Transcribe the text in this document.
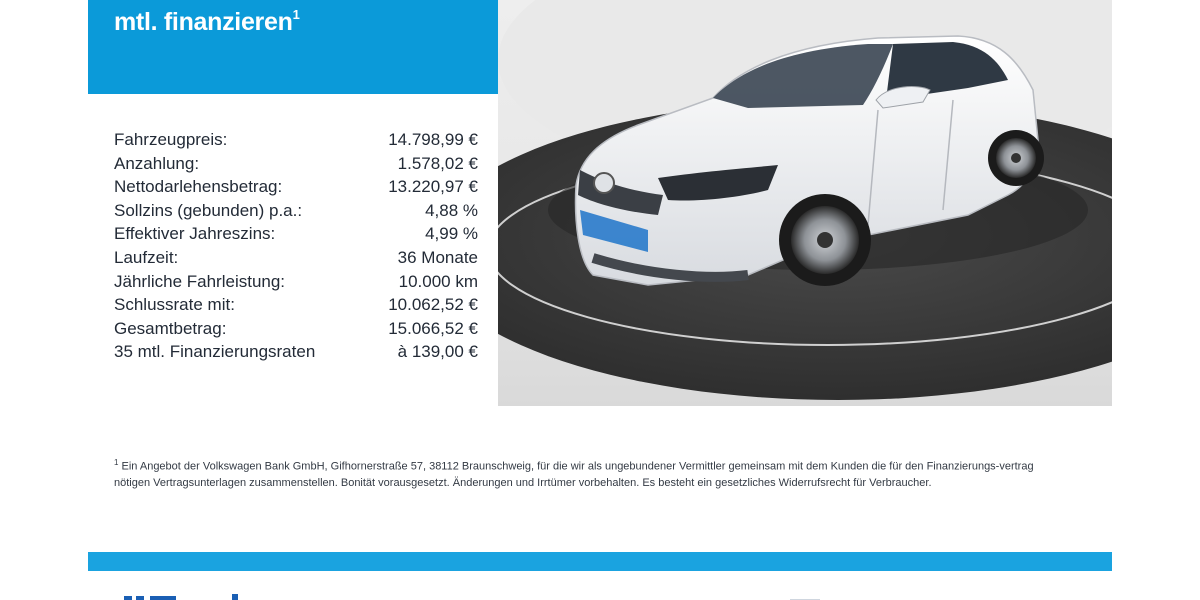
mtl. finanzieren$^1$
Fahrzeugpreis:	14.798,99 €
Anzahlung:	1.578,02 €
Nettodarlehensbetrag:	13.220,97 €
Sollzins (gebunden) p.a.:	4,88 %
Effektiver Jahreszins:	4,99 %
Laufzeit:	36 Monate
Jährliche Fahrleistung:	10.000 km
Schlussrate mit:	10.062,52 €
Gesamtbetrag:	15.066,52 €
35 mtl. Finanzierungsraten	à 139,00 €
$^1$ Ein Angebot der Volkswagen Bank GmbH, Gifhornerstraße 57, 38112 Braunschweig, für die wir als ungebundener Vermittler gemeinsam mit dem Kunden die für den Finanzierungs-vertrag nötigen Vertragsunterlagen zusammenstellen. Bonität vorausgesetzt. Änderungen und Irrtümer vorbehalten. Es besteht ein gesetzliches Widerrufsrecht für Verbraucher.
